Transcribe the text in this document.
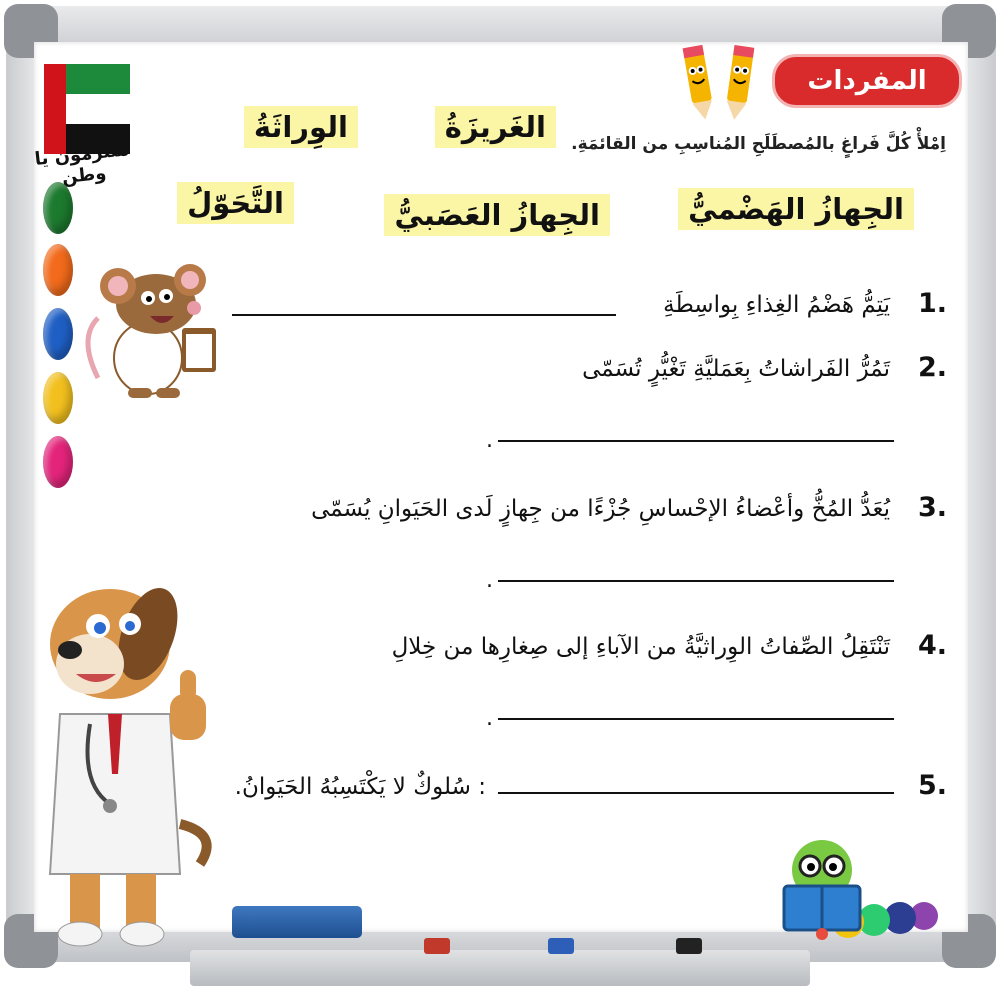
ملتزمون يا وطن
المفردات
اِمْلأْ كُلَّ فَراغٍ بالمُصطَلَحِ المُناسِبِ من القائمَةِ.
الغَريزَةُ
الوِراثَةُ
الجِهازُ الهَضْميُّ
الجِهازُ العَصَبيُّ
التَّحَوّلُ
1.
يَتِمُّ هَضْمُ الغِذاءِ بِواسِطَةِ
2.
تَمُرُّ الفَراشاتُ بِعَمَليَّةِ تَغْيُّرٍ تُسَمّى
.
3.
يُعَدُّ المُخُّ وأعْضاءُ الإحْساسِ جُزْءًا من جِهازٍ لَدى الحَيَوانِ يُسَمّى
.
4.
تَنْتَقِلُ الصِّفاتُ الوِراثيَّةُ من الآباءِ إلى صِغارِها من خِلالِ
.
5.
: سُلوكٌ لا يَكْتَسِبُهُ الحَيَوانُ.
